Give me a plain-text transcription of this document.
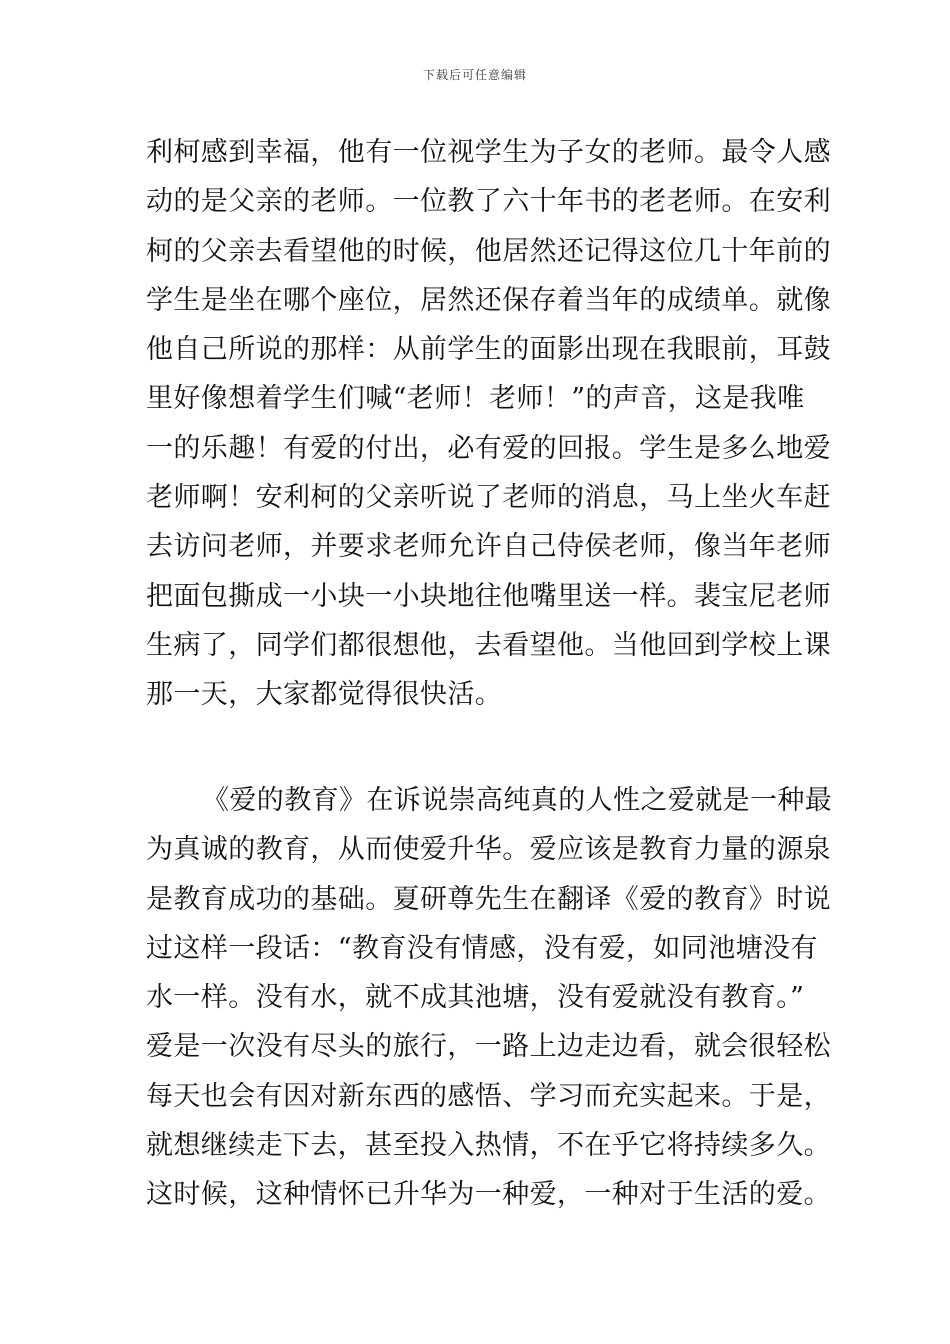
下载后可任意编辑
利柯感到幸福，他有一位视学生为子女的老师。最令人感
动的是父亲的老师。一位教了六十年书的老老师。在安利
柯的父亲去看望他的时候，他居然还记得这位几十年前的
学生是坐在哪个座位，居然还保存着当年的成绩单。就像
他自己所说的那样：从前学生的面影出现在我眼前，耳鼓
里好像想着学生们喊“老师！老师！”的声音，这是我唯
一的乐趣！有爱的付出，必有爱的回报。学生是多么地爱
老师啊！安利柯的父亲听说了老师的消息，马上坐火车赶
去访问老师，并要求老师允许自己侍侯老师，像当年老师
把面包撕成一小块一小块地往他嘴里送一样。裴宝尼老师
生病了，同学们都很想他，去看望他。当他回到学校上课
那一天，大家都觉得很快活。
《爱的教育》在诉说崇高纯真的人性之爱就是一种最
为真诚的教育，从而使爱升华。爱应该是教育力量的源泉
是教育成功的基础。夏研尊先生在翻译《爱的教育》时说
过这样一段话：“教育没有情感，没有爱，如同池塘没有
水一样。没有水，就不成其池塘，没有爱就没有教育。”
爱是一次没有尽头的旅行，一路上边走边看，就会很轻松
每天也会有因对新东西的感悟、学习而充实起来。于是，
就想继续走下去，甚至投入热情，不在乎它将持续多久。
这时候，这种情怀已升华为一种爱，一种对于生活的爱。
